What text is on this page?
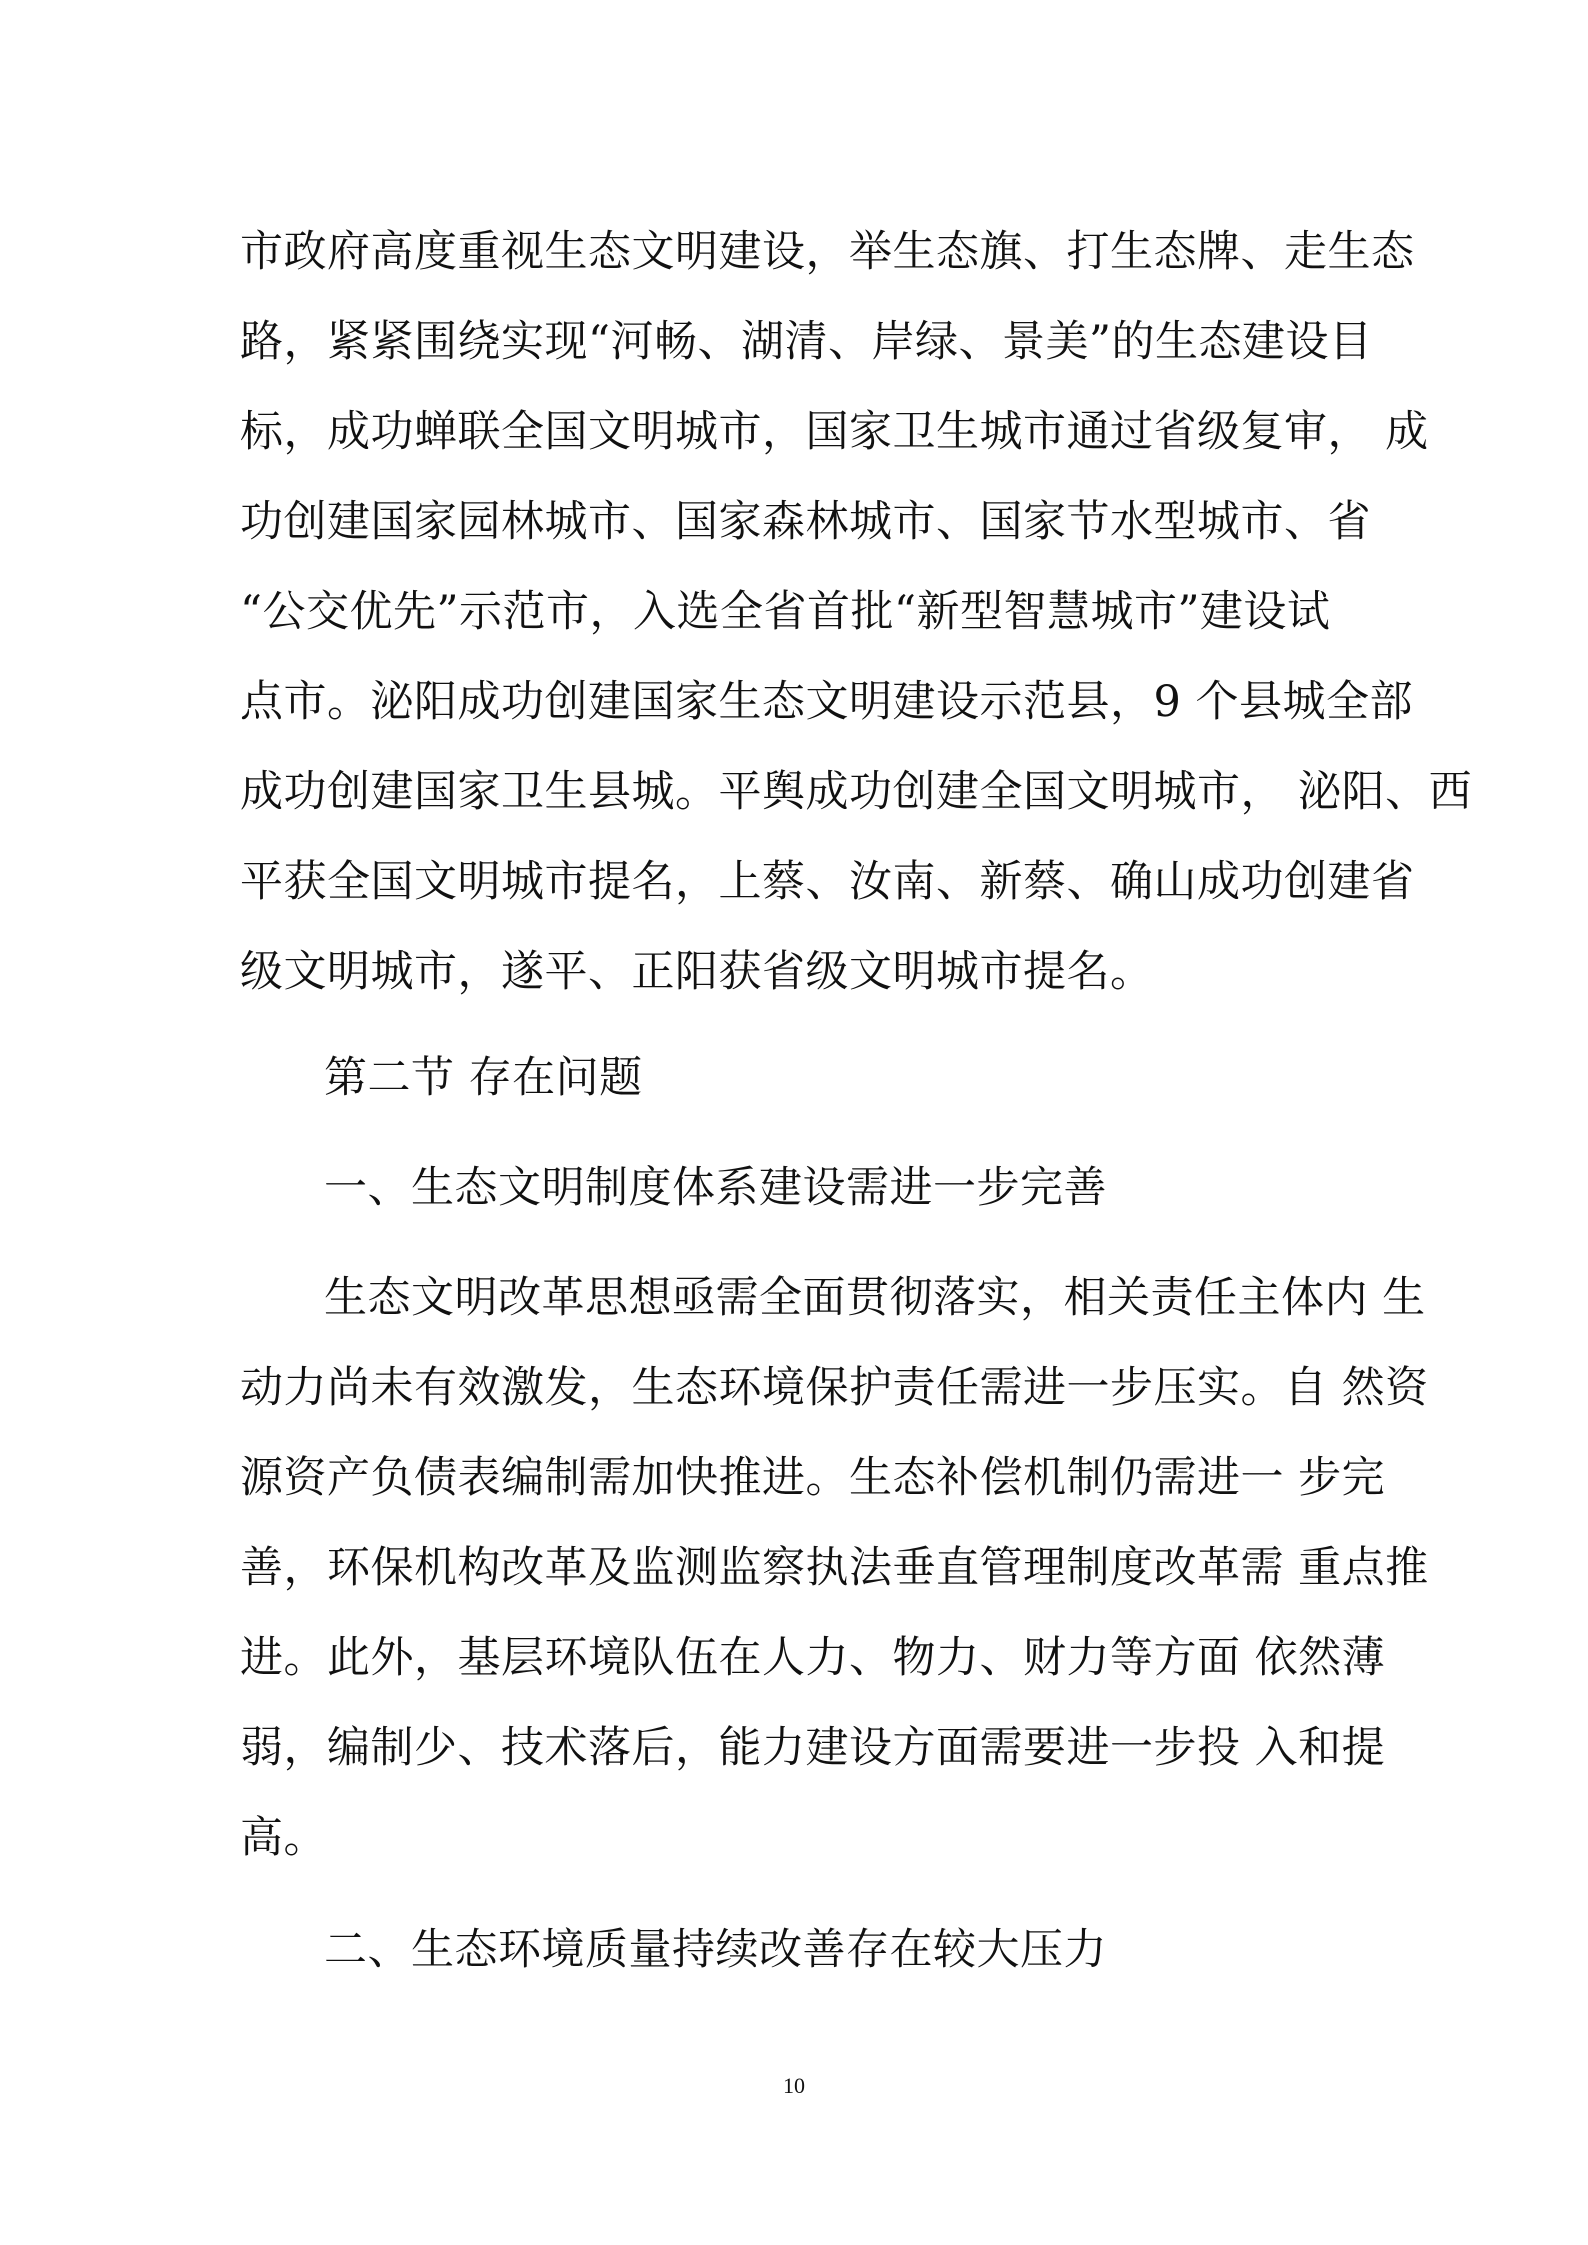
市政府高度重视生态文明建设，举生态旗、打生态牌、走生态
路，紧紧围绕实现“河畅、湖清、岸绿、景美”的生态建设目
标，成功蝉联全国文明城市，国家卫生城市通过省级复审， 成
功创建国家园林城市、国家森林城市、国家节水型城市、省
“公交优先”示范市，入选全省首批“新型智慧城市”建设试
点市。泌阳成功创建国家生态文明建设示范县，9 个县城全部
成功创建国家卫生县城。平舆成功创建全国文明城市， 泌阳、西
平获全国文明城市提名，上蔡、汝南、新蔡、确山成功创建省
级文明城市，遂平、正阳获省级文明城市提名。
第二节 存在问题
一、生态文明制度体系建设需进一步完善
生态文明改革思想亟需全面贯彻落实，相关责任主体内 生
动力尚未有效激发，生态环境保护责任需进一步压实。自 然资
源资产负债表编制需加快推进。生态补偿机制仍需进一 步完
善，环保机构改革及监测监察执法垂直管理制度改革需 重点推
进。此外，基层环境队伍在人力、物力、财力等方面 依然薄
弱，编制少、技术落后，能力建设方面需要进一步投 入和提
高。
二、生态环境质量持续改善存在较大压力
10
